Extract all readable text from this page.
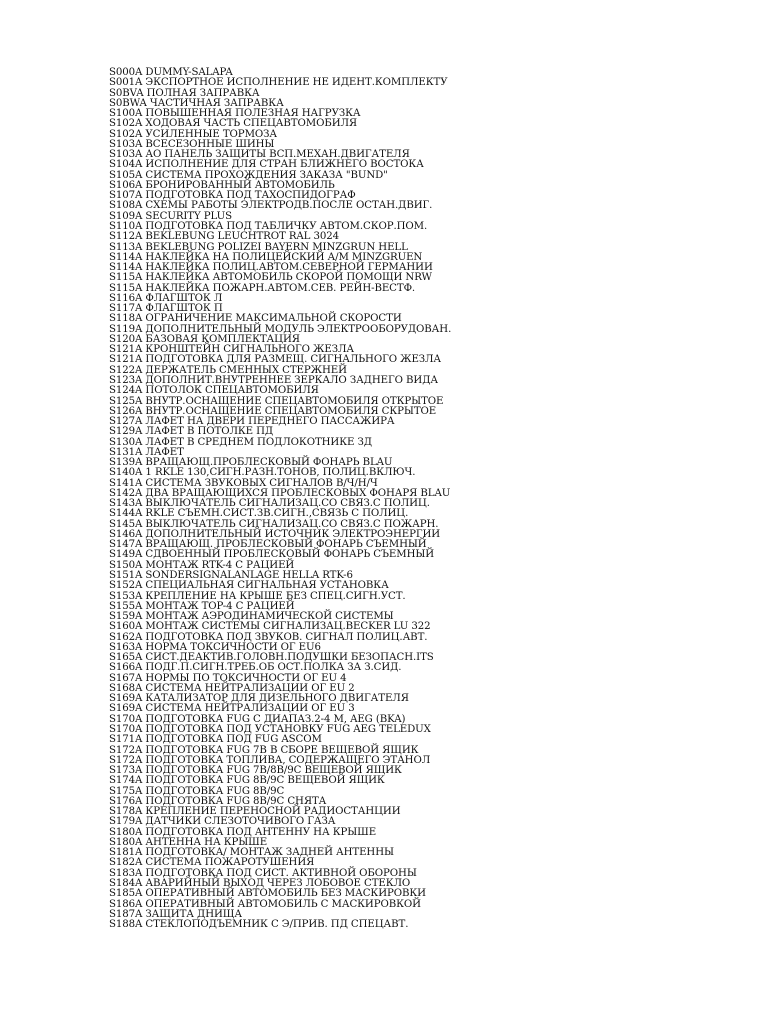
S000A DUMMY-SALAPA
S001A ЭКСПОРТНОЕ ИСПОЛНЕНИЕ НЕ ИДЕНТ.КОМПЛЕКТУ
S0BVA ПОЛНАЯ ЗАПРАВКА
S0BWA ЧАСТИЧНАЯ ЗАПРАВКА
S100A ПОВЫШЕННАЯ ПОЛЕЗНАЯ НАГРУЗКА
S102A ХОДОВАЯ ЧАСТЬ СПЕЦАВТОМОБИЛЯ
S102A УСИЛЕННЫЕ ТОРМОЗА
S103A ВСЕСЕЗОННЫЕ ШИНЫ
S103A АО ПАНЕЛЬ ЗАЩИТЫ ВСП.МЕХАН.ДВИГАТЕЛЯ
S104A ИСПОЛНЕНИЕ ДЛЯ СТРАН БЛИЖНЕГО ВОСТОКА
S105A СИСТЕМА ПРОХОЖДЕНИЯ ЗАКАЗА "BUND"
S106A БРОНИРОВАННЫЙ АВТОМОБИЛЬ
S107A ПОДГОТОВКА ПОД ТАХОСПИДОГРАФ
S108A СХЕМЫ РАБОТЫ ЭЛЕКТРОДВ.ПОСЛЕ ОСТАН.ДВИГ.
S109A SECURITY PLUS
S110A ПОДГОТОВКА ПОД ТАБЛИЧКУ АВТОМ.СКОР.ПОМ.
S112A BEKLEBUNG LEUCHTROT RAL 3024
S113A BEKLEBUNG POLIZEI BAYERN MINZGRUN HELL
S114A НАКЛЕЙКА НА ПОЛИЦЕЙСКИЙ А/М MINZGRUEN
S114A НАКЛЕЙКА ПОЛИЦ.АВТОМ.СЕВЕРНОЙ ГЕРМАНИИ
S115A НАКЛЕЙКА АВТОМОБИЛЬ СКОРОЙ ПОМОЩИ NRW
S115A НАКЛЕЙКА ПОЖАРН.АВТОМ.СЕВ. РЕЙН-ВЕСТФ.
S116A ФЛАГШТОК Л
S117A ФЛАГШТОК П
S118A ОГРАНИЧЕНИЕ МАКСИМАЛЬНОЙ СКОРОСТИ
S119A ДОПОЛНИТЕЛЬНЫЙ МОДУЛЬ ЭЛЕКТРООБОРУДОВАН.
S120A БАЗОВАЯ КОМПЛЕКТАЦИЯ
S121A КРОНШТЕЙН СИГНАЛЬНОГО ЖЕЗЛА
S121A ПОДГОТОВКА ДЛЯ РАЗМЕЩ. СИГНАЛЬНОГО ЖЕЗЛА
S122A ДЕРЖАТЕЛЬ СМЕННЫХ СТЕРЖНЕЙ
S123A ДОПОЛНИТ.ВНУТРЕННЕЕ ЗЕРКАЛО ЗАДНЕГО ВИДА
S124A ПОТОЛОК СПЕЦАВТОМОБИЛЯ
S125A ВНУТР.ОСНАЩЕНИЕ СПЕЦАВТОМОБИЛЯ ОТКРЫТОЕ
S126A ВНУТР.ОСНАЩЕНИЕ СПЕЦАВТОМОБИЛЯ СКРЫТОЕ
S127A ЛАФЕТ НА ДВЕРИ ПЕРЕДНЕГО ПАССАЖИРА
S129A ЛАФЕТ В ПОТОЛКЕ ПД
S130A ЛАФЕТ В СРЕДНЕМ ПОДЛОКОТНИКЕ ЗД
S131A ЛАФЕТ
S139A ВРАЩАЮЩ.ПРОБЛЕСКОВЫЙ ФОНАРЬ BLAU
S140A 1 RKLE 130,СИГН.РАЗН.ТОНОВ, ПОЛИЦ.ВКЛЮЧ.
S141A СИСТЕМА ЗВУКОВЫХ СИГНАЛОВ В/Ч/Н/Ч
S142A ДВА ВРАЩАЮЩИХСЯ ПРОБЛЕСКОВЫХ ФОНАРЯ BLAU
S143A ВЫКЛЮЧАТЕЛЬ СИГНАЛИЗАЦ.СО СВЯЗ.С ПОЛИЦ.
S144A RKLE СЪЕМН.СИСТ.ЗВ.СИГН.,СВЯЗЬ С ПОЛИЦ.
S145A ВЫКЛЮЧАТЕЛЬ СИГНАЛИЗАЦ.СО СВЯЗ.С ПОЖАРН.
S146A ДОПОЛНИТЕЛЬНЫЙ ИСТОЧНИК ЭЛЕКТРОЭНЕРГИИ
S147A ВРАЩАЮЩ. ПРОБЛЕСКОВЫЙ ФОНАРЬ СЪЕМНЫЙ
S149A СДВОЕННЫЙ ПРОБЛЕСКОВЫЙ ФОНАРЬ СЪЕМНЫЙ
S150A МОНТАЖ RTK-4 С РАЦИЕЙ
S151A SONDERSIGNALANLAGE HELLA RTK-6
S152A СПЕЦИАЛЬНАЯ СИГНАЛЬНАЯ УСТАНОВКА
S153A КРЕПЛЕНИЕ НА КРЫШЕ БЕЗ СПЕЦ.СИГН.УСТ.
S155A МОНТАЖ TOP-4 С РАЦИЕЙ
S159A МОНТАЖ АЭРОДИНАМИЧЕСКОЙ СИСТЕМЫ
S160A МОНТАЖ СИСТЕМЫ СИГНАЛИЗАЦ.BECKER LU 322
S162A ПОДГОТОВКА ПОД ЗВУКОВ. СИГНАЛ ПОЛИЦ.АВТ.
S163A НОРМА ТОКСИЧНОСТИ ОГ EU6
S165A СИСТ.ДЕАКТИВ.ГОЛОВН.ПОДУШКИ БЕЗОПАСН.ITS
S166A ПОДГ.П.СИГН.ТРЕБ.ОБ ОСТ.ПОЛКА ЗА З.СИД.
S167A НОРМЫ ПО ТОКСИЧНОСТИ ОГ EU 4
S168A СИСТЕМА НЕЙТРАЛИЗАЦИИ ОГ EU 2
S169A КАТАЛИЗАТОР ДЛЯ ДИЗЕЛЬНОГО ДВИГАТЕЛЯ
S169A СИСТЕМА НЕЙТРАЛИЗАЦИИ ОГ EU 3
S170A ПОДГОТОВКА FUG С ДИАПАЗ.2-4 M, AEG (BKA)
S170A ПОДГОТОВКА ПОД УСТАНОВКУ FUG AEG TELEDUX
S171A ПОДГОТОВКА ПОД FUG ASCOM
S172A ПОДГОТОВКА FUG 7B В СБОРЕ ВЕЩЕВОЙ ЯЩИК
S172A ПОДГОТОВКА ТОПЛИВА, СОДЕРЖАЩЕГО ЭТАНОЛ
S173A ПОДГОТОВКА FUG 7B/8B/9C ВЕЩЕВОЙ ЯЩИК
S174A ПОДГОТОВКА FUG 8B/9C ВЕЩЕВОЙ ЯЩИК
S175A ПОДГОТОВКА FUG 8B/9C
S176A ПОДГОТОВКА FUG 8B/9C СНЯТА
S178A КРЕПЛЕНИЕ ПЕРЕНОСНОЙ РАДИОСТАНЦИИ
S179A ДАТЧИКИ СЛЕЗОТОЧИВОГО ГАЗА
S180A ПОДГОТОВКА ПОД АНТЕННУ НА КРЫШЕ
S180A АНТЕННА НА КРЫШЕ
S181A ПОДГОТОВКА/ МОНТАЖ ЗАДНЕЙ АНТЕННЫ
S182A СИСТЕМА ПОЖАРОТУШЕНИЯ
S183A ПОДГОТОВКА ПОД СИСТ. АКТИВНОЙ ОБОРОНЫ
S184A АВАРИЙНЫЙ ВЫХОД ЧЕРЕЗ ЛОБОВОЕ СТЕКЛО
S185A ОПЕРАТИВНЫЙ АВТОМОБИЛЬ БЕЗ МАСКИРОВКИ
S186A ОПЕРАТИВНЫЙ АВТОМОБИЛЬ С МАСКИРОВКОЙ
S187A ЗАЩИТА ДНИЩА
S188A СТЕКЛОПОДЪЕМНИК С Э/ПРИВ. ПД СПЕЦАВТ.
